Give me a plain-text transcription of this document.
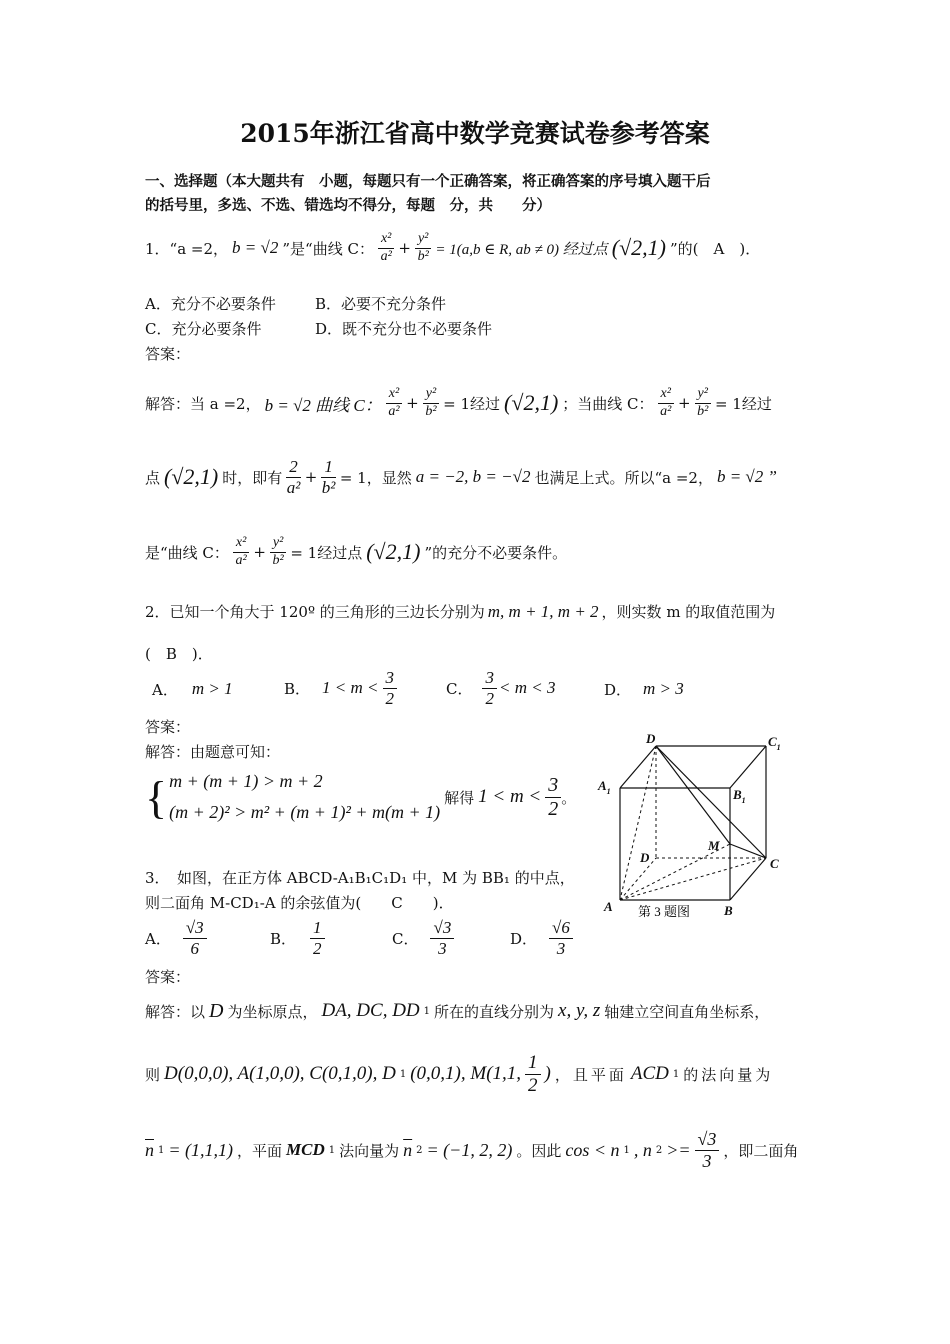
2015年浙江省高中数学竞赛试卷参考答案
一、选择题（本大题共有　小题，每题只有一个正确答案，将正确答案的序号填入题干后
的括号里，多选、不选、错选均不得分，每题　分，共　　分）
1．“a =2， b = √2 ”是“曲线 C： $\frac{\text{x²}}{\text{a²}} + \frac{\text{y²}}{\text{b²}} = 1(a,b$ ∈ R, ab ≠ 0) 经过点 (√2,1) ”的(　A　)．
A．充分不必要条件	B．必要不充分条件
C．充分必要条件	D．既不充分也不必要条件
答案：
解答：当 a =2， b = √2 曲线 C： $\frac{\text{x²}}{\text{a²}} + \frac{\text{y²}}{\text{b²}} = 1$经过 (√2,1) ；当曲线 C： $\frac{\text{x²}}{\text{a²}} + \frac{\text{y²}}{\text{b²}} = 1$经过
点 (√2,1) 时，即有 $\frac{2}{\text{a²}} + \frac{1}{\text{b²}} = 1$，显然 a = −2, b = −√2 也满足上式。所以“a =2， b = √2 ”
是“曲线 C： $\frac{\text{x²}}{\text{a²}} + \frac{\text{y²}}{\text{b²}} = 1$经过点 (√2,1) ”的充分不必要条件。
2．已知一个角大于 120º 的三角形的三边长分别为 m, m + 1, m + 2 ，则实数 m 的取值范围为
(　B　)．
A． m > 1	B． $1 < m < \frac{3}{2}$	C． $\frac{3}{2} < m < 3$	D． m > 3
答案：
解答：由题意可知：
{ m + (m + 1) > m + 2
(m + 2)² > m² + (m + 1)² + m(m + 1)
解得 $1 < m < \frac{3}{2}$ 。
3．　如图，在正方体 ABCD-A₁B₁C₁D₁ 中，M 为 BB₁ 的中点，
则二面角 M-CD₁-A 的余弦值为(　　C　　)．
A． $\frac{√3}{6}$	B． $\frac{1}{2}$	C． $\frac{√3}{3}$	D． $\frac{√6}{3}$
答案：
D	$C_1$
$A_1$	$B_1$
D
M
C
A	B
第 3 题图
解答：以 D 为坐标原点， DA, DC, DD 1 所在的直线分别为 x, y, z 轴建立空间直角坐标系，
则 D(0,0,0), A(1,0,0), C(0,1,0), D 1 (0,0,1), M(1,1, $\frac{1}{2}$ ) ，且平面 ACD 1 的法向量为
$\overline{n}$ 1 = (1,1,1) ，平面 MCD 1 法向量为 $\overline{n}$ 2 = (−1, 2, 2) 。因此 cos < n 1 , n $2 >= \frac{√3}{3}$ ，即二面角
